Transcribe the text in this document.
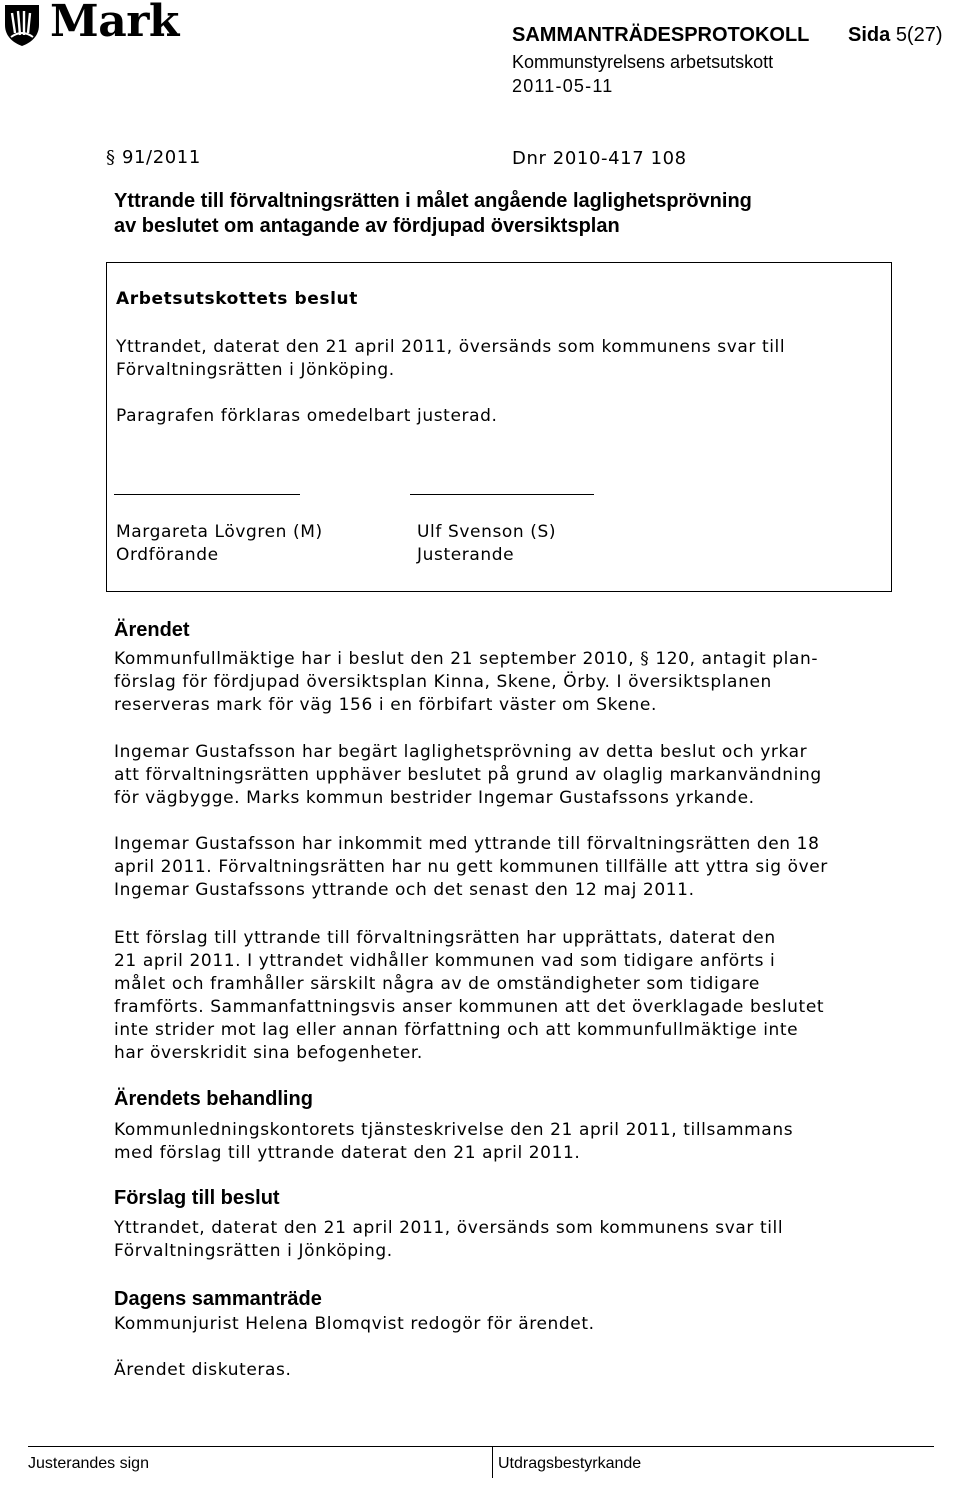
Mark	SAMMANTRÄDESPROTOKOLL Sida 5(27)
Kommunstyrelsens arbetsutskott
2011-05-11
§ 91/2011	Dnr 2010-417 108
Yttrande till förvaltningsrätten i målet angående laglighetsprövning
av beslutet om antagande av fördjupad översiktsplan
Arbetsutskottets beslut
Yttrandet, daterat den 21 april 2011, översänds som kommunens svar till
Förvaltningsrätten i Jönköping.
Paragrafen förklaras omedelbart justerad.
Margareta Lövgren (M)
Ordförande
Ulf Svenson (S)
Justerande
Ärendet
Kommunfullmäktige har i beslut den 21 september 2010, § 120, antagit plan-
förslag för fördjupad översiktsplan Kinna, Skene, Örby. I översiktsplanen
reserveras mark för väg 156 i en förbifart väster om Skene.
Ingemar Gustafsson har begärt laglighetsprövning av detta beslut och yrkar
att förvaltningsrätten upphäver beslutet på grund av olaglig markanvändning
för vägbygge. Marks kommun bestrider Ingemar Gustafssons yrkande.
Ingemar Gustafsson har inkommit med yttrande till förvaltningsrätten den 18
april 2011. Förvaltningsrätten har nu gett kommunen tillfälle att yttra sig över
Ingemar Gustafssons yttrande och det senast den 12 maj 2011.
Ett förslag till yttrande till förvaltningsrätten har upprättats, daterat den
21 april 2011. I yttrandet vidhåller kommunen vad som tidigare anförts i
målet och framhåller särskilt några av de omständigheter som tidigare
framförts. Sammanfattningsvis anser kommunen att det överklagade beslutet
inte strider mot lag eller annan författning och att kommunfullmäktige inte
har överskridit sina befogenheter.
Ärendets behandling
Kommunledningskontorets tjänsteskrivelse den 21 april 2011, tillsammans
med förslag till yttrande daterat den 21 april 2011.
Förslag till beslut
Yttrandet, daterat den 21 april 2011, översänds som kommunens svar till
Förvaltningsrätten i Jönköping.
Dagens sammanträde
Kommunjurist Helena Blomqvist redogör för ärendet.
Ärendet diskuteras.
Justerandes sign	Utdragsbestyrkande
